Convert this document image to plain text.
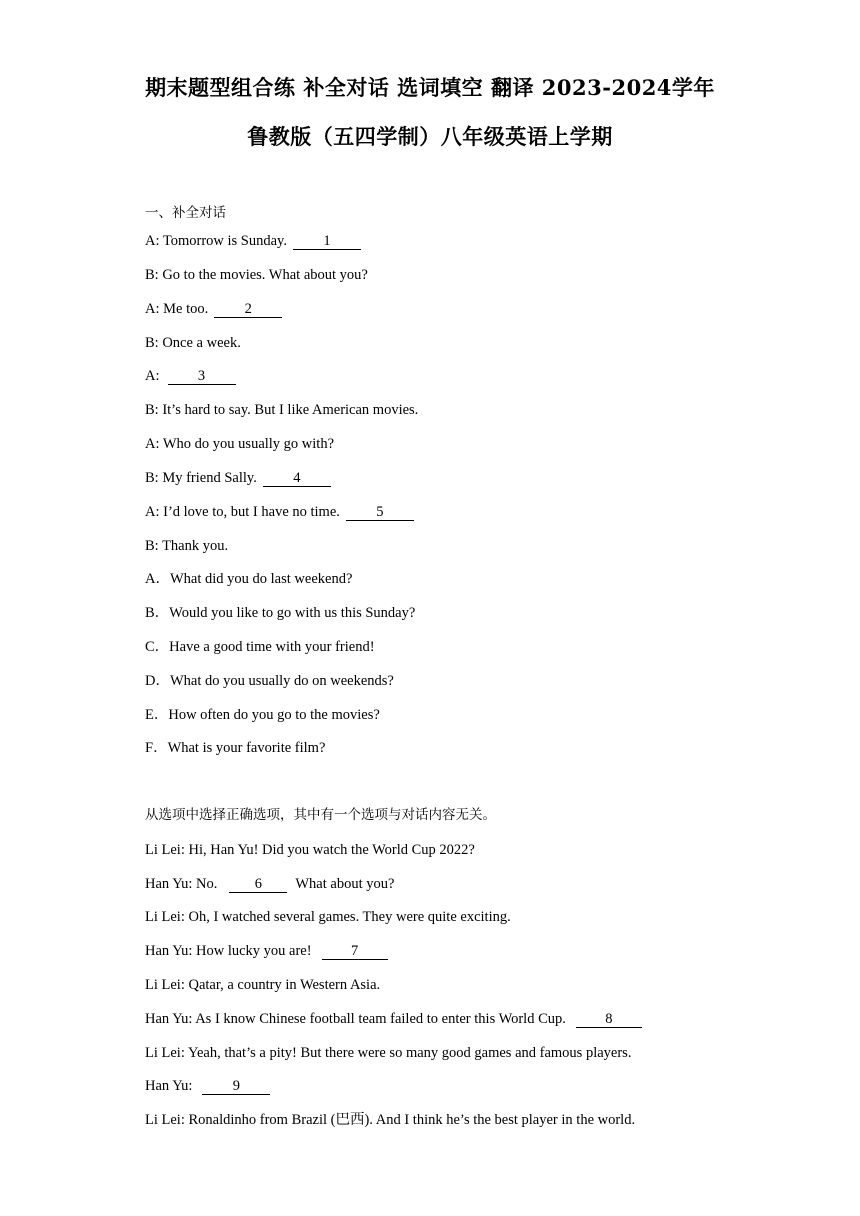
期末题型组合练 补全对话 选词填空 翻译 2023-2024学年
鲁教版（五四学制）八年级英语上学期
一、补全对话
A: Tomorrow is Sunday.	1
B: Go to the movies. What about you?
A: Me too.	2
B: Once a week.
A:	3
B: It’s hard to say. But I like American movies.
A: Who do you usually go with?
B: My friend Sally.	4
A: I’d love to, but I have no time.	5
B: Thank you.
A．What did you do last weekend?
B．Would you like to go with us this Sunday?
C．Have a good time with your friend!
D．What do you usually do on weekends?
E．How often do you go to the movies?
F．What is your favorite film?
从选项中选择正确选项，其中有一个选项与对话内容无关。
Li Lei: Hi, Han Yu! Did you watch the World Cup 2022?
Han Yu: No.	6 What about you?
Li Lei: Oh, I watched several games. They were quite exciting.
Han Yu: How lucky you are!	7
Li Lei: Qatar, a country in Western Asia.
Han Yu: As I know Chinese football team failed to enter this World Cup.	8
Li Lei: Yeah, that’s a pity! But there were so many good games and famous players.
Han Yu:	9
Li Lei: Ronaldinho from Brazil (巴西). And I think he’s the best player in the world.
